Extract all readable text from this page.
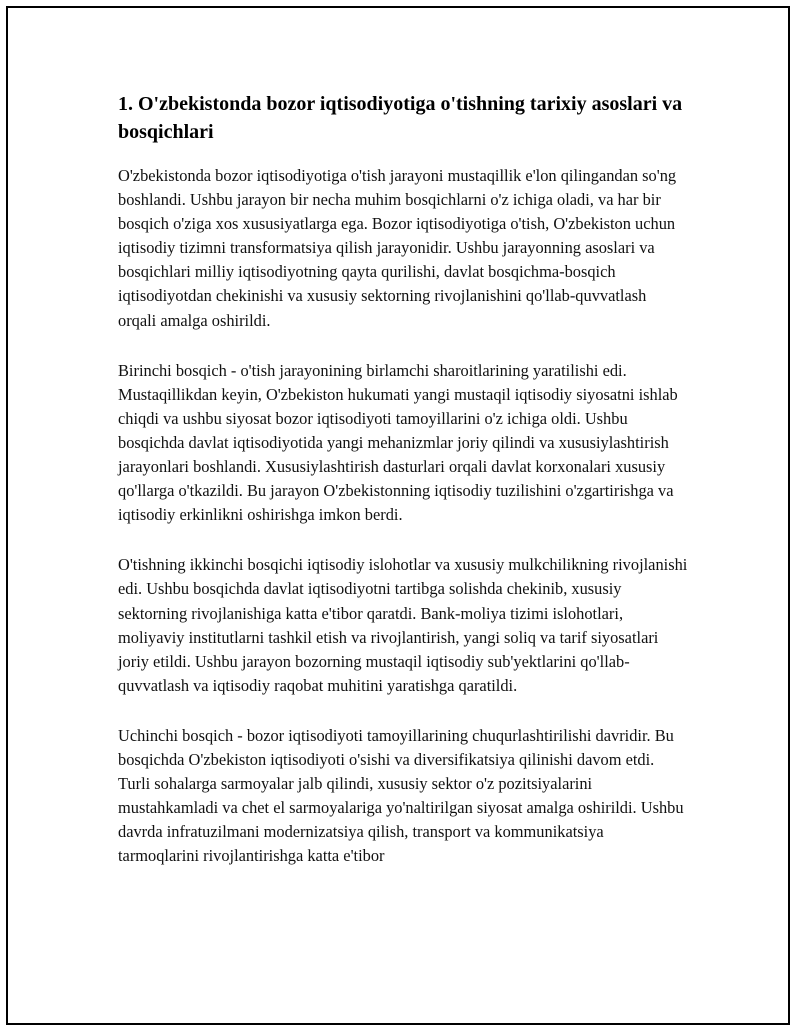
1. O'zbekistonda bozor iqtisodiyotiga o'tishning tarixiy asoslari va bosqichlari

O'zbekistonda bozor iqtisodiyotiga o'tish jarayoni mustaqillik e'lon qilingandan so'ng boshlandi. Ushbu jarayon bir necha muhim bosqichlarni o'z ichiga oladi, va har bir bosqich o'ziga xos xususiyatlarga ega. Bozor iqtisodiyotiga o'tish, O'zbekiston uchun iqtisodiy tizimni transformatsiya qilish jarayonidir. Ushbu jarayonning asoslari va bosqichlari milliy iqtisodiyotning qayta qurilishi, davlat bosqichma-bosqich iqtisodiyotdan chekinishi va xususiy sektorning rivojlanishini qo'llab-quvvatlash orqali amalga oshirildi.

Birinchi bosqich - o'tish jarayonining birlamchi sharoitlarining yaratilishi edi. Mustaqillikdan keyin, O'zbekiston hukumati yangi mustaqil iqtisodiy siyosatni ishlab chiqdi va ushbu siyosat bozor iqtisodiyoti tamoyillarini o'z ichiga oldi. Ushbu bosqichda davlat iqtisodiyotida yangi mehanizmlar joriy qilindi va xususiylashtirish jarayonlari boshlandi. Xususiylashtirish dasturlari orqali davlat korxonalari xususiy qo'llarga o'tkazildi. Bu jarayon O'zbekistonning iqtisodiy tuzilishini o'zgartirishga va iqtisodiy erkinlikni oshirishga imkon berdi.

O'tishning ikkinchi bosqichi iqtisodiy islohotlar va xususiy mulkchilikning rivojlanishi edi. Ushbu bosqichda davlat iqtisodiyotni tartibga solishda chekinib, xususiy sektorning rivojlanishiga katta e'tibor qaratdi. Bank-moliya tizimi islohotlari, moliyaviy institutlarni tashkil etish va rivojlantirish, yangi soliq va tarif siyosatlari joriy etildi. Ushbu jarayon bozorning mustaqil iqtisodiy sub'yektlarini qo'llab-quvvatlash va iqtisodiy raqobat muhitini yaratishga qaratildi.

Uchinchi bosqich - bozor iqtisodiyoti tamoyillarining chuqurlashtirilishi davridir. Bu bosqichda O'zbekiston iqtisodiyoti o'sishi va diversifikatsiya qilinishi davom etdi. Turli sohalarga sarmoyalar jalb qilindi, xususiy sektor o'z pozitsiyalarini mustahkamladi va chet el sarmoyalariga yo'naltirilgan siyosat amalga oshirildi. Ushbu davrda infratuzilmani modernizatsiya qilish, transport va kommunikatsiya tarmoqlarini rivojlantirishga katta e'tibor
